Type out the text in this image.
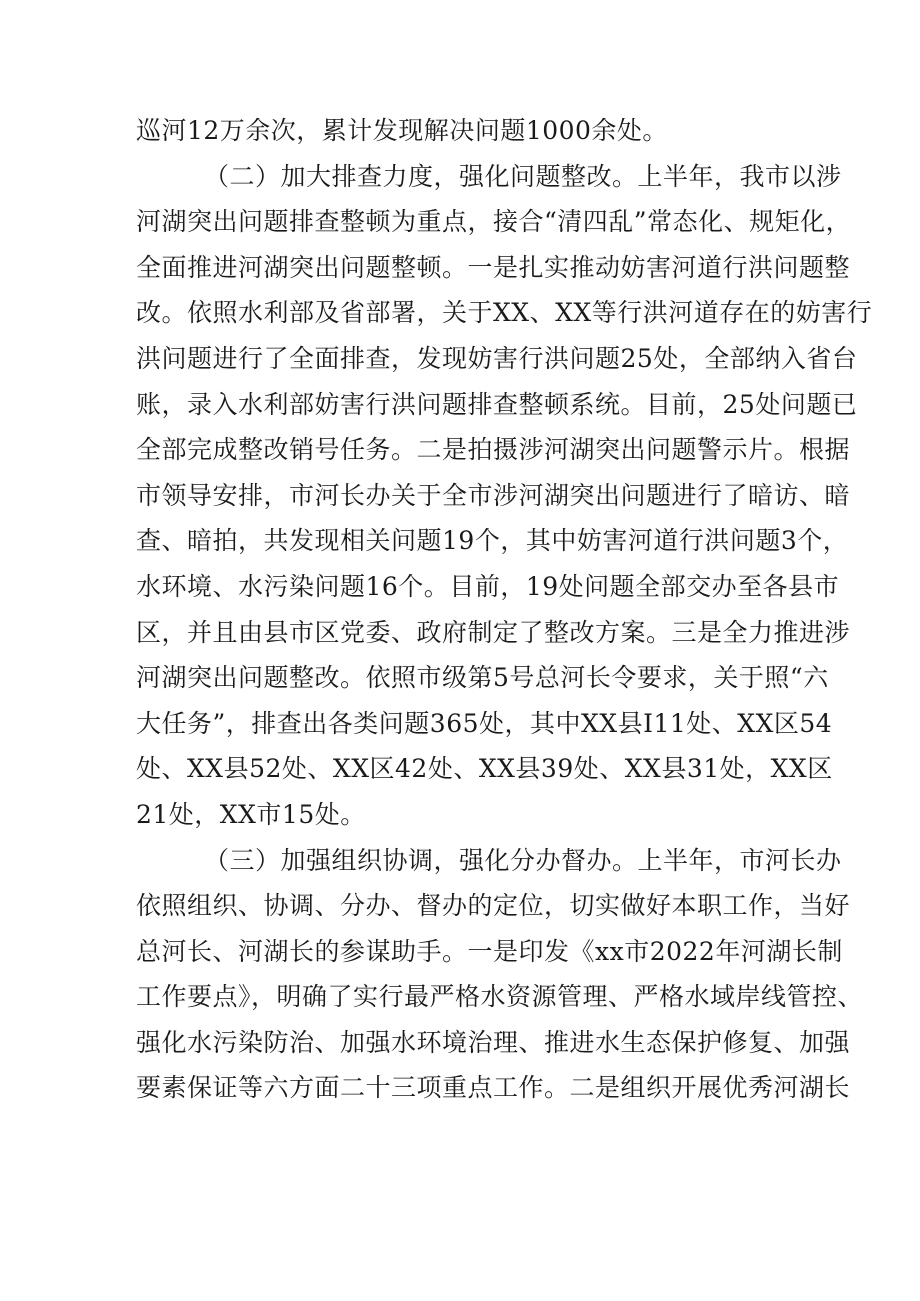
巡河12万余次，累计发现解决问题1000余处。
（二）加大排查力度，强化问题整改。上半年，我市以涉
河湖突出问题排查整顿为重点，接合“清四乱”常态化、规矩化，
全面推进河湖突出问题整顿。一是扎实推动妨害河道行洪问题整
改。依照水利部及省部署，关于XX、XX等行洪河道存在的妨害行
洪问题进行了全面排查，发现妨害行洪问题25处，全部纳入省台
账，录入水利部妨害行洪问题排查整顿系统。目前，25处问题已
全部完成整改销号任务。二是拍摄涉河湖突出问题警示片。根据
市领导安排，市河长办关于全市涉河湖突出问题进行了暗访、暗
查、暗拍，共发现相关问题19个，其中妨害河道行洪问题3个，
水环境、水污染问题16个。目前，19处问题全部交办至各县市
区，并且由县市区党委、政府制定了整改方案。三是全力推进涉
河湖突出问题整改。依照市级第5号总河长令要求，关于照“六
大任务”，排查出各类问题365处，其中XX县I11处、XX区54
处、XX县52处、XX区42处、XX县39处、XX县31处，XX区
21处，XX市15处。
（三）加强组织协调，强化分办督办。上半年，市河长办
依照组织、协调、分办、督办的定位，切实做好本职工作，当好
总河长、河湖长的参谋助手。一是印发《xx市2022年河湖长制
工作要点》，明确了实行最严格水资源管理、严格水域岸线管控、
强化水污染防治、加强水环境治理、推进水生态保护修复、加强
要素保证等六方面二十三项重点工作。二是组织开展优秀河湖长
